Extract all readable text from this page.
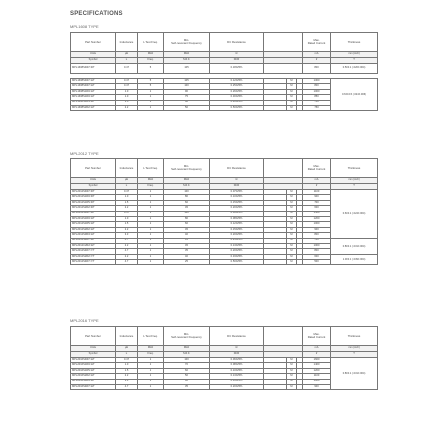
SPECIFICATIONS
MPL1608 TYPE
Part Number	Inductance	L Test Freq.	Min.
Self-resonant Frequency	DC Resistance				Max.
Rated Current	Thickness
Units	μH	MHz	MHz	Ω				mA	mm (inch)
Symbol	L	Freq.	S.R.F.	DCR				Ir	T
MPL1608SR47□DT	0.47	5	105	0.18±25%				800	0.5±0.1 (.020±.004)

MPL1608SR47□HT	0.47	5	105	0.12±25%		M		1300	0.6±0.15 (.024±.006)
MPL1608SR47□HT	0.47	5	100	0.25±25%		M		800	
MPL1608S1R0□HT	1.0	1	90	0.26±25%		M		1000	
MPL1608S1R0□HT	1.0	1	75	0.30±25%		M		850	
MPL1608S1R5□HT	1.5	1	60	0.40±25%		M		750	
MPL1608S2R2□HT	2.2	1	50	0.50±25%		M		750	
MPL2012 TYPE
Part Number	Inductance	L Test Freq.	Min.
Self-resonant Frequency	DC Resistance				Max.
Rated Current	Thickness
Units	μH	MHz	MHz	Ω				mA	mm (inch)
Symbol	L	Freq.	S.R.F.	DCR				Ir	T
MPL2012SR47□DT	0.47	1	100	0.07±25%		M		1100	0.6±0.1 (.024±.004)
MPL2012S1R0□DT	1.0	1	80	0.10±25%		M		900	
MPL2012S1R5□DT	1.5	1	60	0.15±25%		M		700	
MPL2012S2R2□DT	2.2	1	45	0.20±25%		M		600	
MPL2012SR47□HT	0.47	1	100	0.06±25%		M		1500	
MPL2012S1R0□HT	1.0	1	80	0.08±25%		M		1200	
MPL2012S1R5□HT	1.5	1	60	0.12±25%		M		1000	
MPL2012S2R2□HT	2.2	1	45	0.15±25%		M		900	
MPL2012S3R3□HT	3.3	1	40	0.20±25%		M		800	
MPL2012S4R7□HT	4.7	1	35	0.25±25%		M		700	0.8±0.1 (.031±.004)
MPL2012C2R2□HT	2.2	1	45	0.13±25%		M		1000	
MPL2012S4R7□YT	4.7	1	35	0.20±25%		M		800	
MPL2012S2R2□YT	2.2	1	40	0.33±25%		M		600	1.0±0.1 (.039±.004)
MPL2012S4R7□YT	4.7	1	25	0.50±25%		M		500	
MPL2016 TYPE
Part Number	Inductance	L Test Freq.	Min.
Self-resonant Frequency	DC Resistance				Max.
Rated Current	Thickness
Units	μH	MHz	MHz	Ω				mA	mm (inch)
Symbol	L	Freq.	S.R.F.	DCR				Ir	T
MPL2016SR47□HT	0.47	1	100	0.06±25%		M		1600	0.8±0.1 (.031±.004)
MPL2016S1R0□HT	1.0	1	70	0.08±25%		M		1400	
MPL2016S1R5□HT	1.5	1	60	0.10±25%		M		1200	
MPL2016S2R2□HT	2.2	1	50	0.13±25%		M		1100	
MPL2016S3R3□HT	3.3	1	40	0.16±25%		M		1000	
MPL2016S4R7□HT	4.7	1	35	0.20±25%		M		900	
